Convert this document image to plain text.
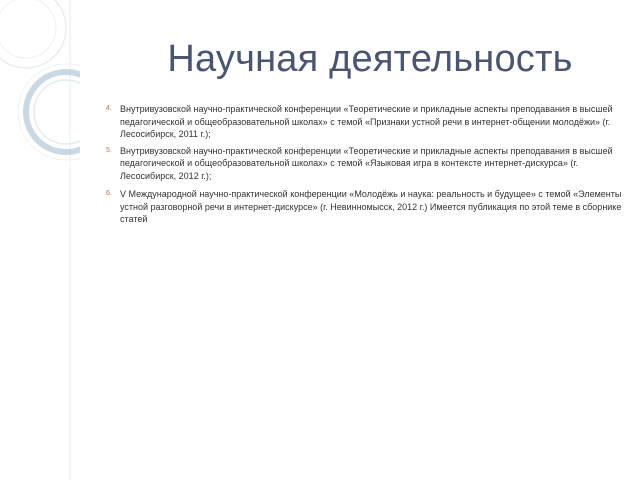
Научная деятельность
4. Внутривузовской научно-практической конференции «Теоретические и прикладные аспекты преподавания в высшей педагогической и общеобразовательной школах» с темой «Признаки устной речи в интернет-общении молодёжи» (г. Лесосибирск, 2011 г.);
5. Внутривузовской научно-практической конференции «Теоретические и прикладные аспекты преподавания в высшей педагогической и общеобразовательной школах» с темой «Языковая игра в контексте интернет-дискурса» (г. Лесосибирск, 2012 г.);
6. V Международной научно-практической конференции «Молодёжь и наука: реальность и будущее» с темой «Элементы устной разговорной речи в интернет-дискурсе» (г. Невинномысск, 2012 г.) Имеется публикация по этой теме в сборнике статей
